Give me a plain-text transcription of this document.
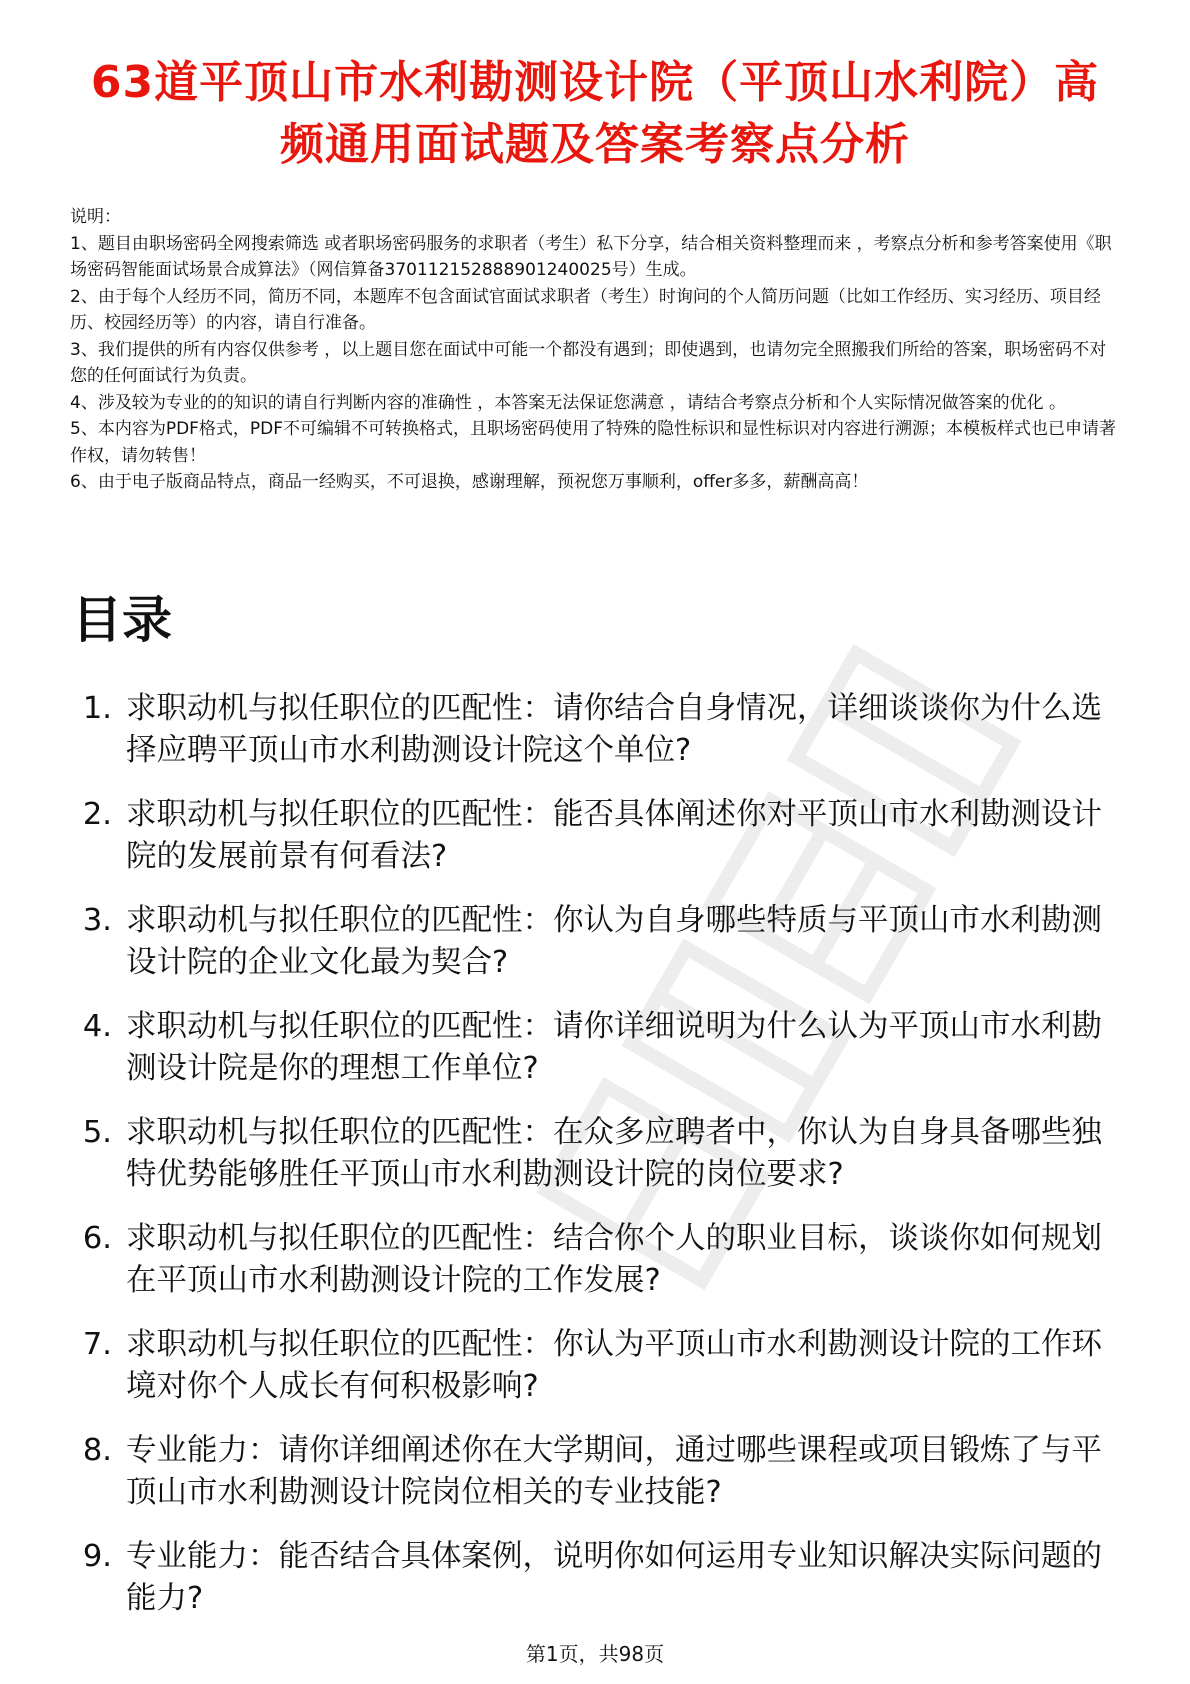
63道平顶山市水利勘测设计院（平顶山水利院）高频通用面试题及答案考察点分析
说明：
1、题目由职场密码全网搜索筛选 或者职场密码服务的求职者（考生）私下分享，结合相关资料整理而来 ，考察点分析和参考答案使用《职场密码智能面试场景合成算法》（网信算备370112152888901240025号）生成。
2、由于每个人经历不同，简历不同，本题库不包含面试官面试求职者（考生）时询问的个人简历问题（比如工作经历、实习经历、项目经历、校园经历等）的内容，请自行准备。
3、我们提供的所有内容仅供参考 ，以上题目您在面试中可能一个都没有遇到；即使遇到，也请勿完全照搬我们所给的答案，职场密码不对您的任何面试行为负责。
4、涉及较为专业的的知识的请自行判断内容的准确性 ，本答案无法保证您满意 ，请结合考察点分析和个人实际情况做答案的优化 。
5、本内容为PDF格式，PDF不可编辑不可转换格式，且职场密码使用了特殊的隐性标识和显性标识对内容进行溯源；本模板样式也已申请著作权，请勿转售！
6、由于电子版商品特点，商品一经购买，不可退换，感谢理解，预祝您万事顺利，offer多多，薪酬高高！
目录
1. 求职动机与拟任职位的匹配性：请你结合自身情况，详细谈谈你为什么选择应聘平顶山市水利勘测设计院这个单位?
2. 求职动机与拟任职位的匹配性：能否具体阐述你对平顶山市水利勘测设计院的发展前景有何看法?
3. 求职动机与拟任职位的匹配性：你认为自身哪些特质与平顶山市水利勘测设计院的企业文化最为契合?
4. 求职动机与拟任职位的匹配性：请你详细说明为什么认为平顶山市水利勘测设计院是你的理想工作单位?
5. 求职动机与拟任职位的匹配性：在众多应聘者中，你认为自身具备哪些独特优势能够胜任平顶山市水利勘测设计院的岗位要求?
6. 求职动机与拟任职位的匹配性：结合你个人的职业目标，谈谈你如何规划在平顶山市水利勘测设计院的工作发展?
7. 求职动机与拟任职位的匹配性：你认为平顶山市水利勘测设计院的工作环境对你个人成长有何积极影响?
8. 专业能力：请你详细阐述你在大学期间，通过哪些课程或项目锻炼了与平顶山市水利勘测设计院岗位相关的专业技能?
9. 专业能力：能否结合具体案例，说明你如何运用专业知识解决实际问题的能力?
第1页，共98页
